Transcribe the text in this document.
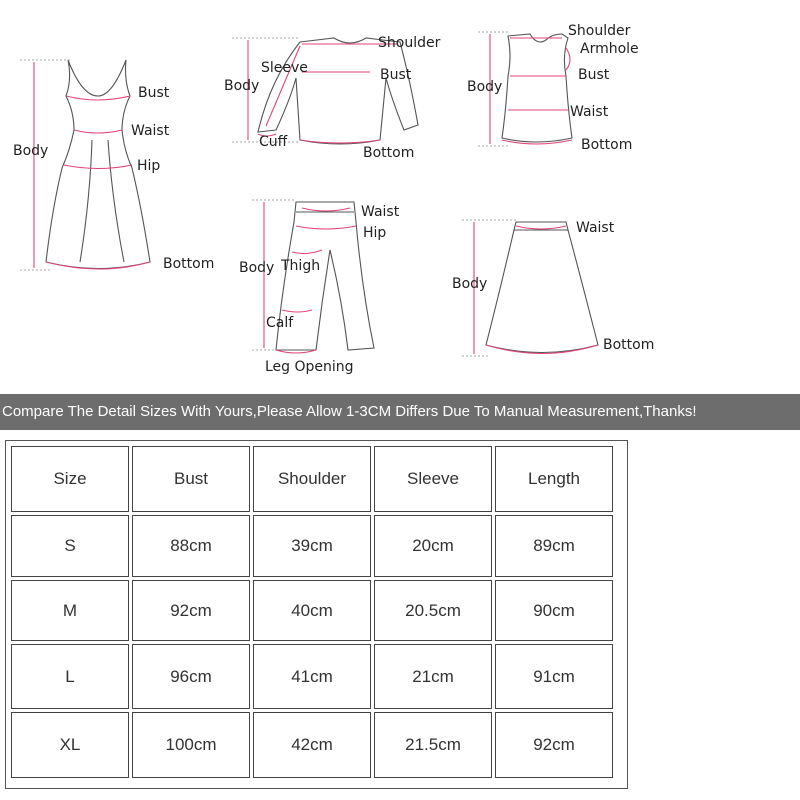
Body
Bust
Waist
Hip
Bottom
Body
Sleeve
Shoulder
Bust
Cuff
Bottom
Body
Shoulder
Armhole
Bust
Waist
Bottom
Body
Waist
Hip
Thigh
Calf
Leg Opening
Body
Waist
Bottom
Compare The Detail Sizes With Yours,Please Allow 1-3CM Differs Due To Manual Measurement,Thanks!
Size	Bust	Shoulder	Sleeve	Length
S	88cm	39cm	20cm	89cm
M	92cm	40cm	20.5cm	90cm
L	96cm	41cm	21cm	91cm
XL	100cm	42cm	21.5cm	92cm
